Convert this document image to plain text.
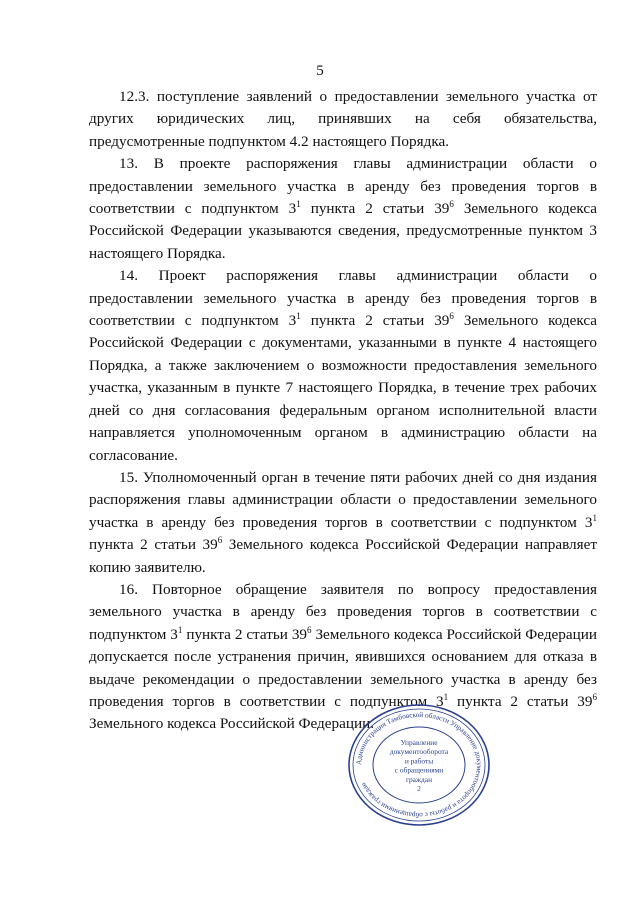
5

12.3. поступление заявлений о предоставлении земельного участка от других юридических лиц, принявших на себя обязательства, предусмотренные подпунктом 4.2 настоящего Порядка.

13. В проекте распоряжения главы администрации области о предоставлении земельного участка в аренду без проведения торгов в соответствии с подпунктом $3^1$ пункта 2 статьи $39^6$ Земельного кодекса Российской Федерации указываются сведения, предусмотренные пунктом 3 настоящего Порядка.

14. Проект распоряжения главы администрации области о предоставлении земельного участка в аренду без проведения торгов в соответствии с подпунктом $3^1$ пункта 2 статьи $39^6$ Земельного кодекса Российской Федерации с документами, указанными в пункте 4 настоящего Порядка, а также заключением о возможности предоставления земельного участка, указанным в пункте 7 настоящего Порядка, в течение трех рабочих дней со дня согласования федеральным органом исполнительной власти направляется уполномоченным органом в администрацию области на согласование.

15. Уполномоченный орган в течение пяти рабочих дней со дня издания распоряжения главы администрации области о предоставлении земельного участка в аренду без проведения торгов в соответствии с подпунктом $3^1$ пункта 2 статьи $39^6$ Земельного кодекса Российской Федерации направляет копию заявителю.

16. Повторное обращение заявителя по вопросу предоставления земельного участка в аренду без проведения торгов в соответствии с подпунктом $3^1$ пункта 2 статьи $39^6$ Земельного кодекса Российской Федерации допускается после устранения причин, явившихся основанием для отказа в выдаче рекомендации о предоставлении земельного участка в аренду без проведения торгов в соответствии с подпунктом $3^1$ пункта 2 статьи $39^6$ Земельного кодекса Российской Федерации.

Администрация Тамбовской области Управление документооборота и работы с обращениями граждан
Управление
документооборота
и работы
с обращениями
граждан
2
